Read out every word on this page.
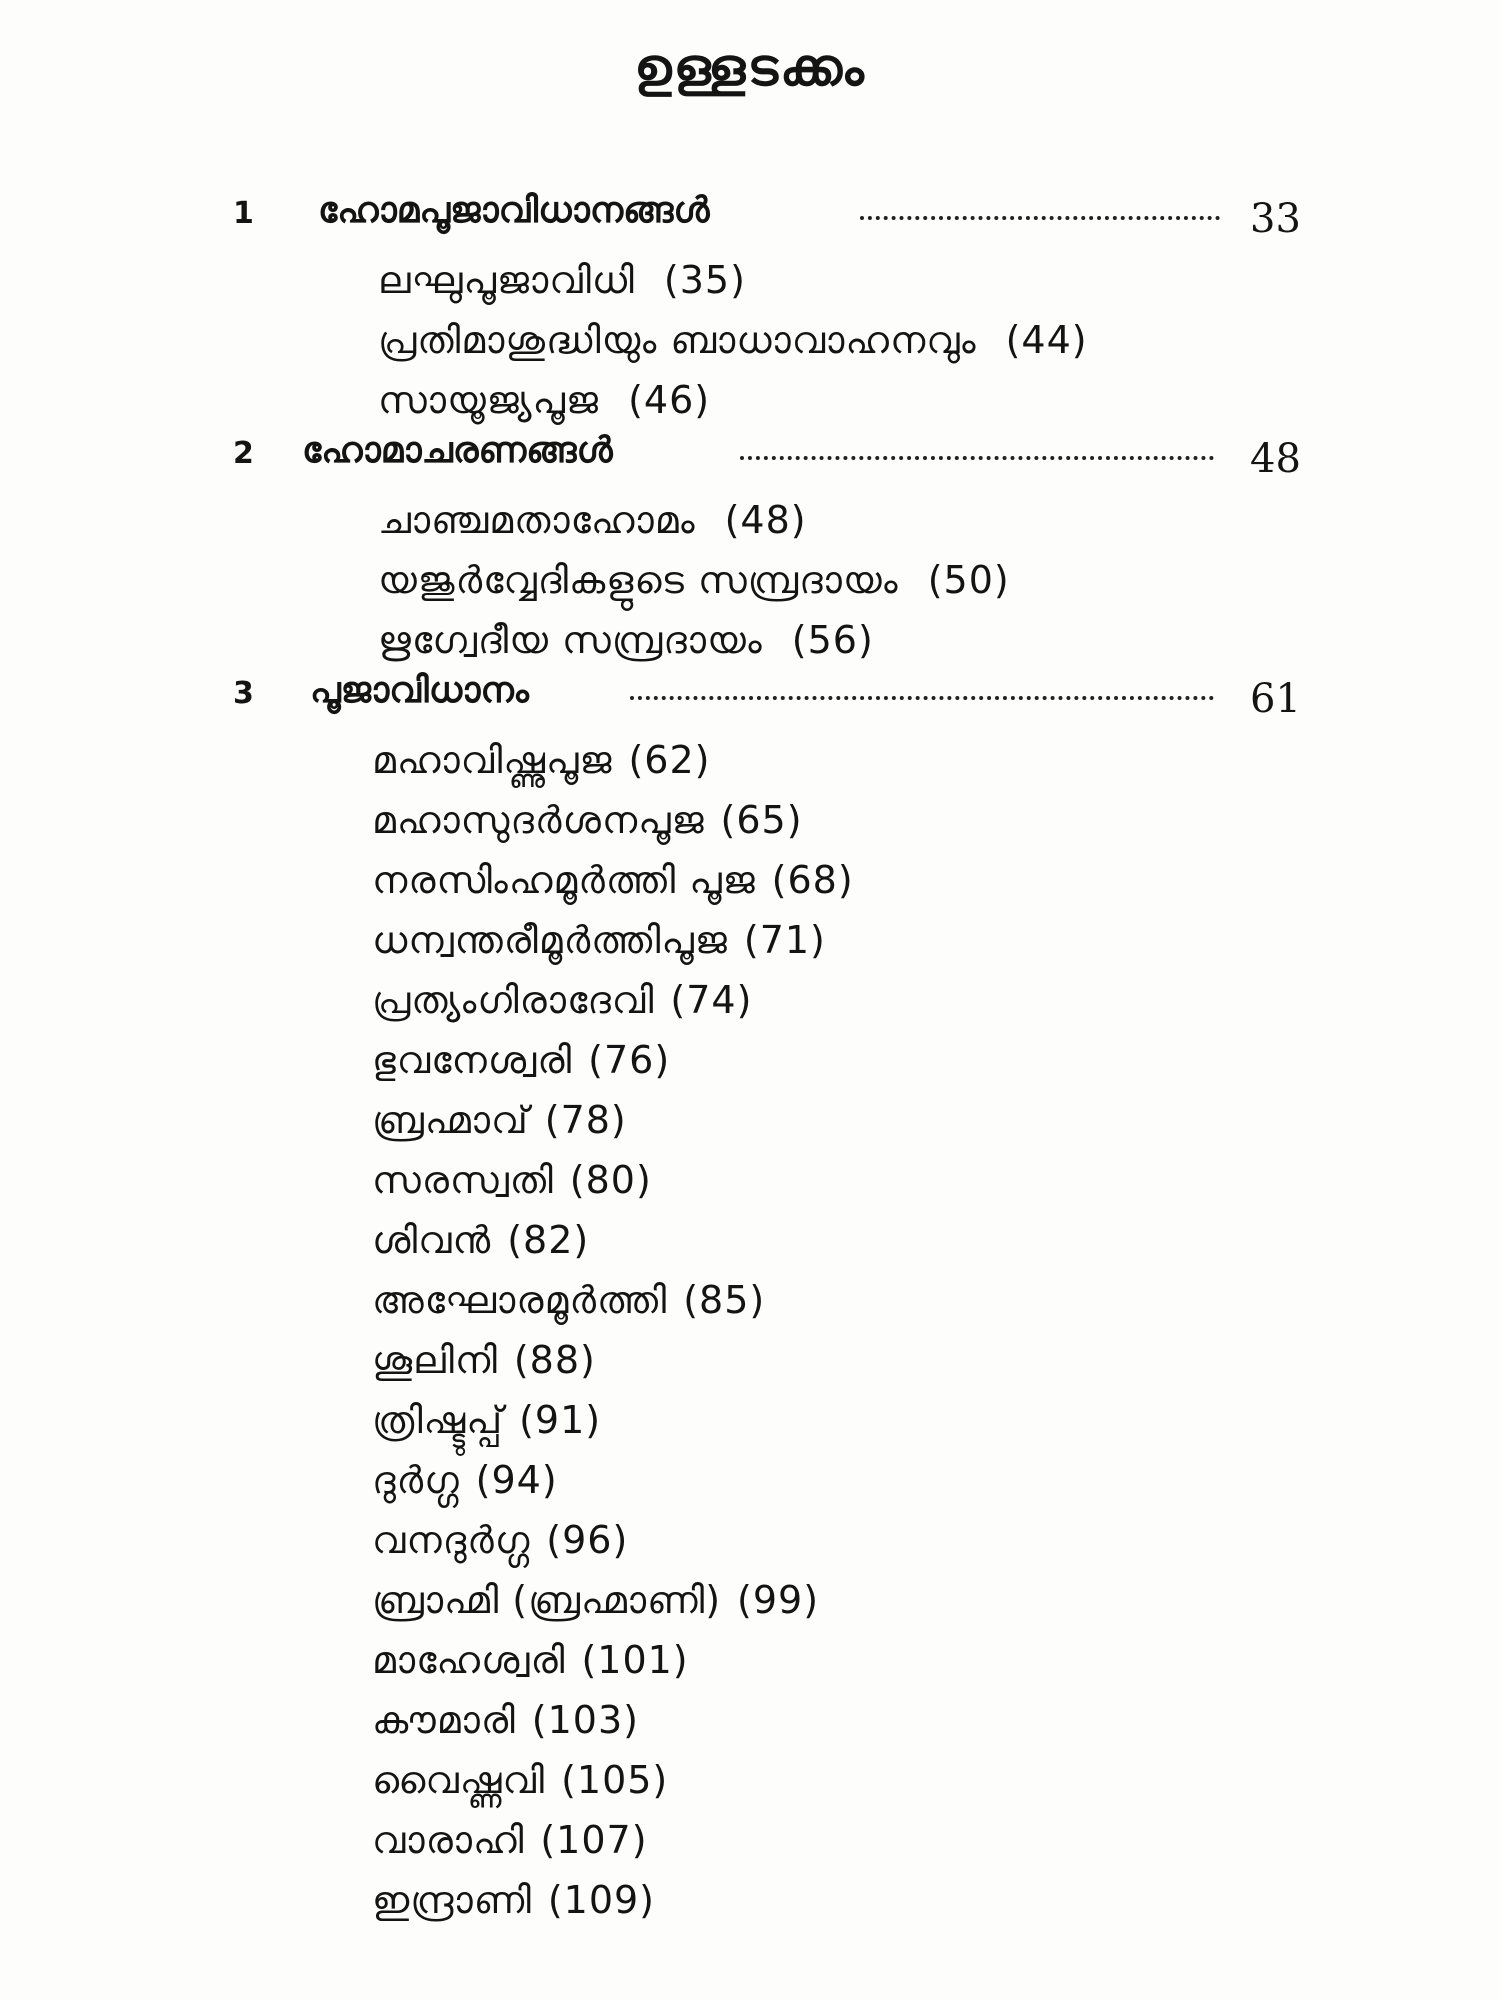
ഉള്ളടക്കം
1 ഹോമപൂജാവിധാനങ്ങൾ	33
ലഘുപൂജാവിധി (35)
പ്രതിമാശുദ്ധിയും ബാധാവാഹനവും (44)
സായൂജ്യപൂജ (46)
2 ഹോമാചരണങ്ങൾ	48
ചാഞ്ചമതാഹോമം (48)
യജുർവ്വേദികളുടെ സമ്പ്രദായം (50)
ഋഗ്വേദീയ സമ്പ്രദായം (56)
3 പൂജാവിധാനം	61
മഹാവിഷ്ണുപൂജ (62)
മഹാസുദർശനപൂജ (65)
നരസിംഹമൂർത്തി പൂജ (68)
ധന്വന്തരീമൂർത്തിപൂജ (71)
പ്രത്യംഗിരാദേവി (74)
ഭുവനേശ്വരി (76)
ബ്രഹ്മാവ് (78)
സരസ്വതി (80)
ശിവൻ (82)
അഘോരമൂർത്തി (85)
ശൂലിനി (88)
ത്രിഷ്ടുപ്പ് (91)
ദുർഗ്ഗ (94)
വനദുർഗ്ഗ (96)
ബ്രാഹ്മി (ബ്രഹ്മാണി) (99)
മാഹേശ്വരി (101)
കൗമാരി (103)
വൈഷ്ണവി (105)
വാരാഹി (107)
ഇന്ദ്രാണി (109)
